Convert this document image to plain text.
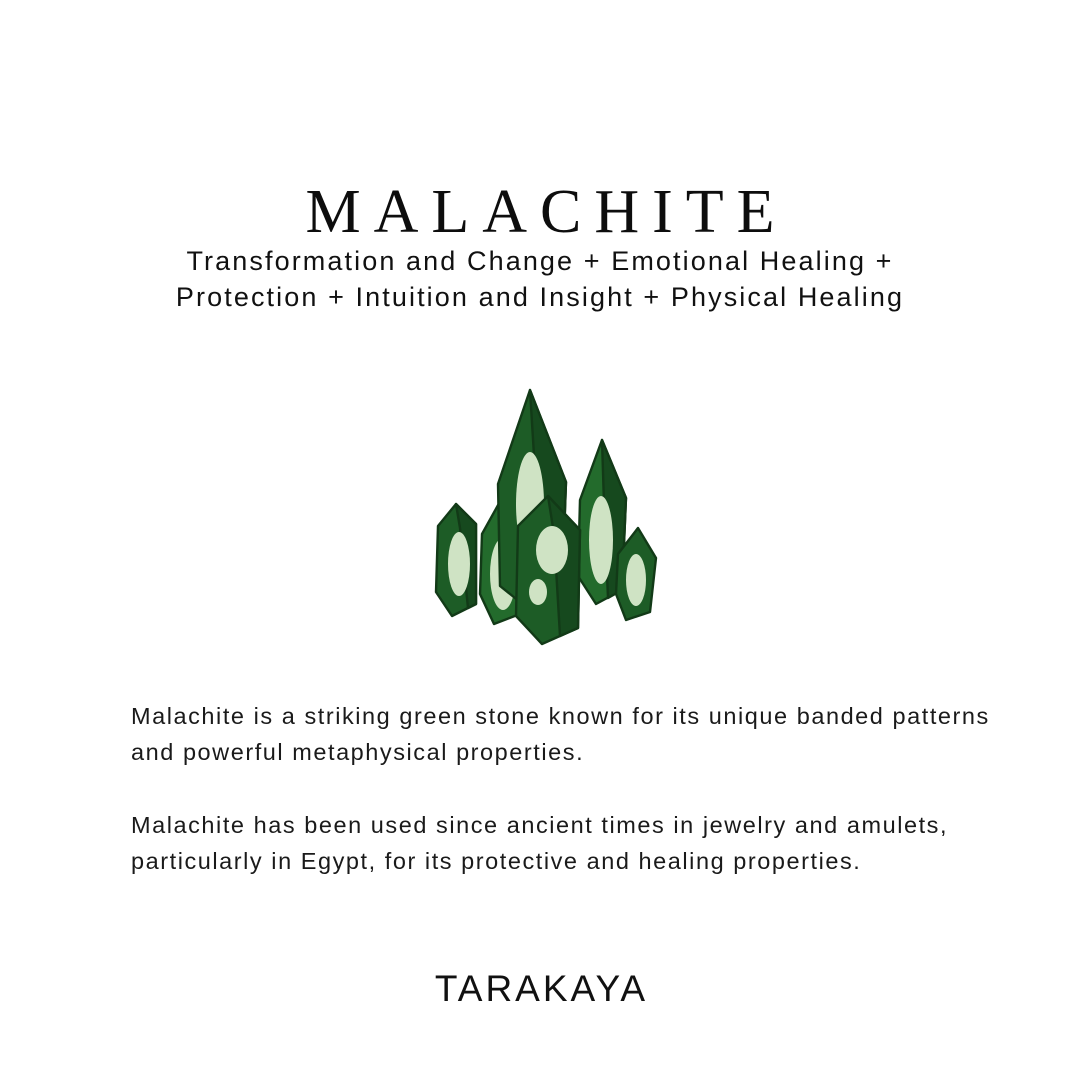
MALACHITE
Transformation and Change + Emotional Healing + Protection + Intuition and Insight + Physical Healing

Malachite is a striking green stone known for its unique banded patterns and powerful metaphysical properties.

Malachite has been used since ancient times in jewelry and amulets, particularly in Egypt, for its protective and healing properties.

TARAKAYA
